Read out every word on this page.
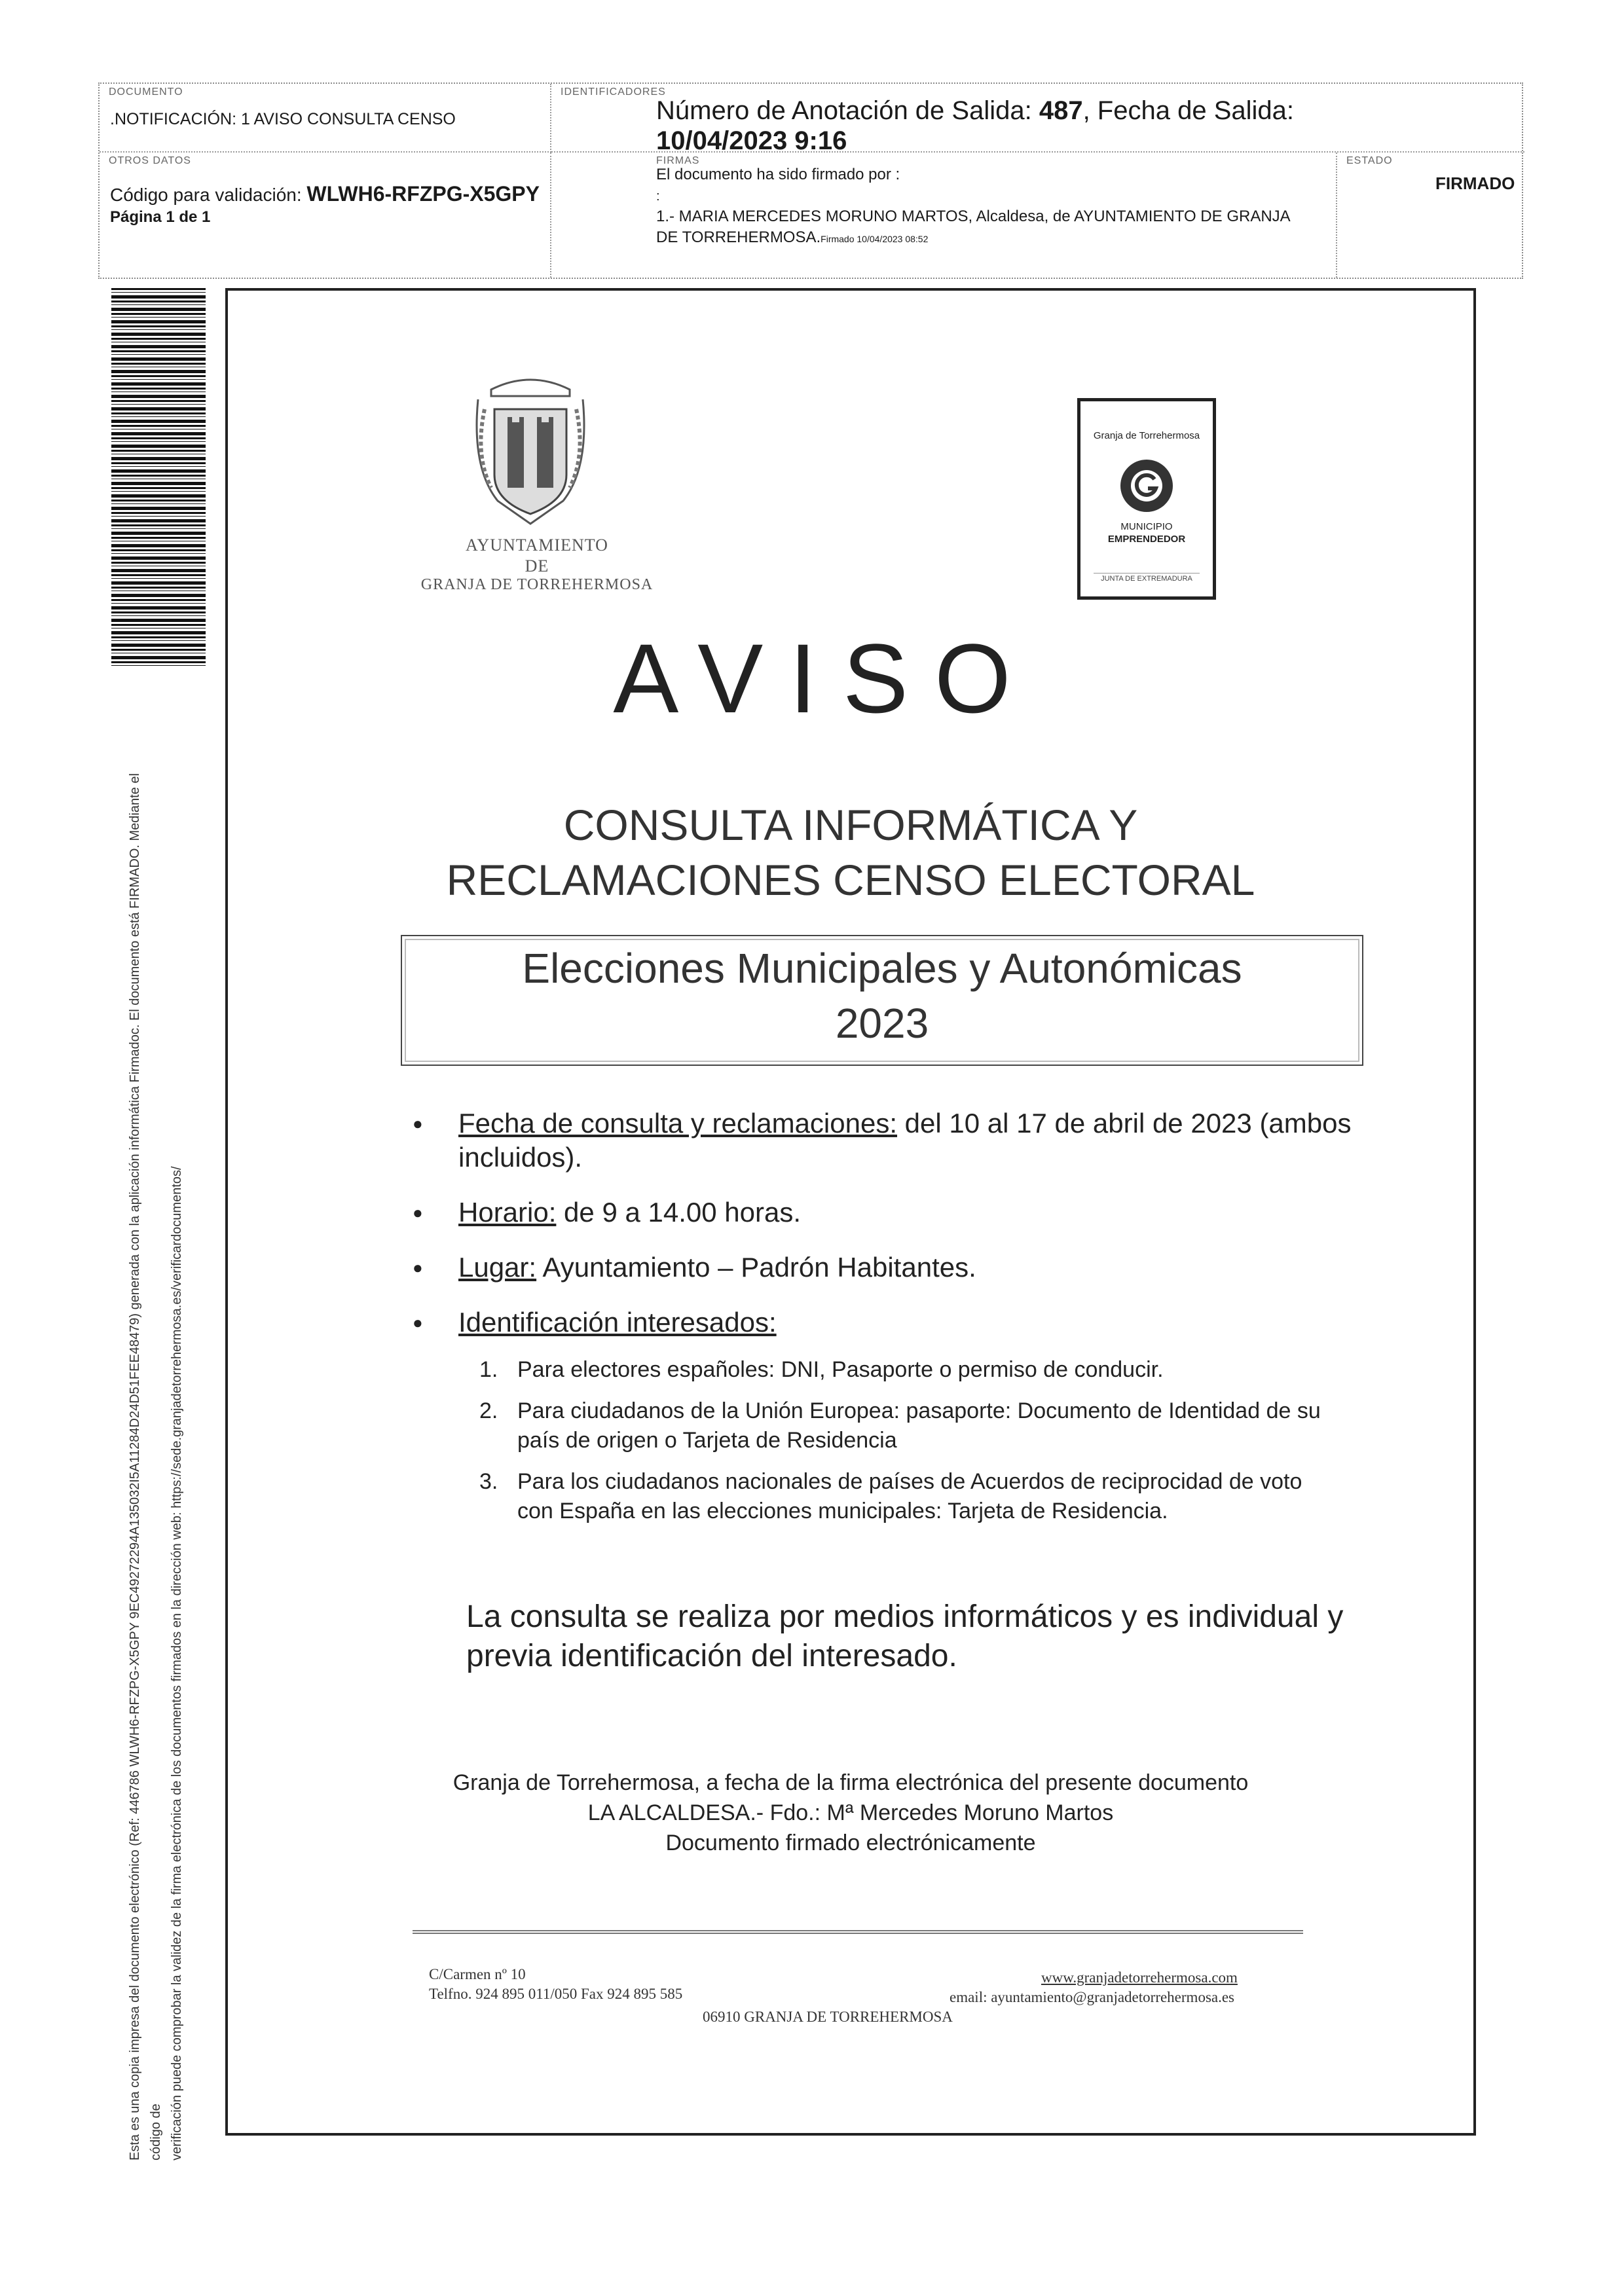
DOCUMENTO
.NOTIFICACIÓN: 1 AVISO CONSULTA CENSO
IDENTIFICADORES
Número de Anotación de Salida: 487, Fecha de Salida: 10/04/2023 9:16

OTROS DATOS
Código para validación: WLWH6-RFZPG-X5GPY
Página 1 de 1
FIRMAS
El documento ha sido firmado por :
:
1.- MARIA MERCEDES MORUNO MARTOS, Alcaldesa, de AYUNTAMIENTO DE GRANJA DE TORREHERMOSA.Firmado 10/04/2023 08:52
ESTADO
FIRMADO
Esta es una copia impresa del documento electrónico (Ref: 446786 WLWH6-RFZPG-X5GPY 9EC49272294A135032I5A11284D24D51FEE48479) generada con la aplicación informática Firmadoc. El documento está FIRMADO. Mediante el código de verificación puede comprobar la validez de la firma electrónica de los documentos firmados en la dirección web: https://sede.granjadetorrehermosa.es/verificardocumentos/
AYUNTAMIENTO
DE
GRANJA DE TORREHERMOSA
Granja de Torrehermosa
MUNICIPIO
EMPRENDEDOR
JUNTA DE EXTREMADURA
AVISO
CONSULTA INFORMÁTICA Y
RECLAMACIONES CENSO ELECTORAL
Elecciones Municipales y Autonómicas
2023
● Fecha de consulta y reclamaciones: del 10 al 17 de abril de 2023 (ambos incluidos).
● Horario: de 9 a 14.00 horas.
● Lugar: Ayuntamiento – Padrón Habitantes.
● Identificación interesados:
1. Para electores españoles: DNI, Pasaporte o permiso de conducir.
2. Para ciudadanos de la Unión Europea: pasaporte: Documento de Identidad de su país de origen o Tarjeta de Residencia
3. Para los ciudadanos nacionales de países de Acuerdos de reciprocidad de voto con España en las elecciones municipales: Tarjeta de Residencia.
La consulta se realiza por medios informáticos y es individual y previa identificación del interesado.
Granja de Torrehermosa, a fecha de la firma electrónica del presente documento
LA ALCALDESA.- Fdo.: Mª Mercedes Moruno Martos
Documento firmado electrónicamente
C/Carmen nº 10
Telfno. 924 895 011/050 Fax 924 895 585
www.granjadetorrehermosa.com
email: ayuntamiento@granjadetorrehermosa.es
06910 GRANJA DE TORREHERMOSA
